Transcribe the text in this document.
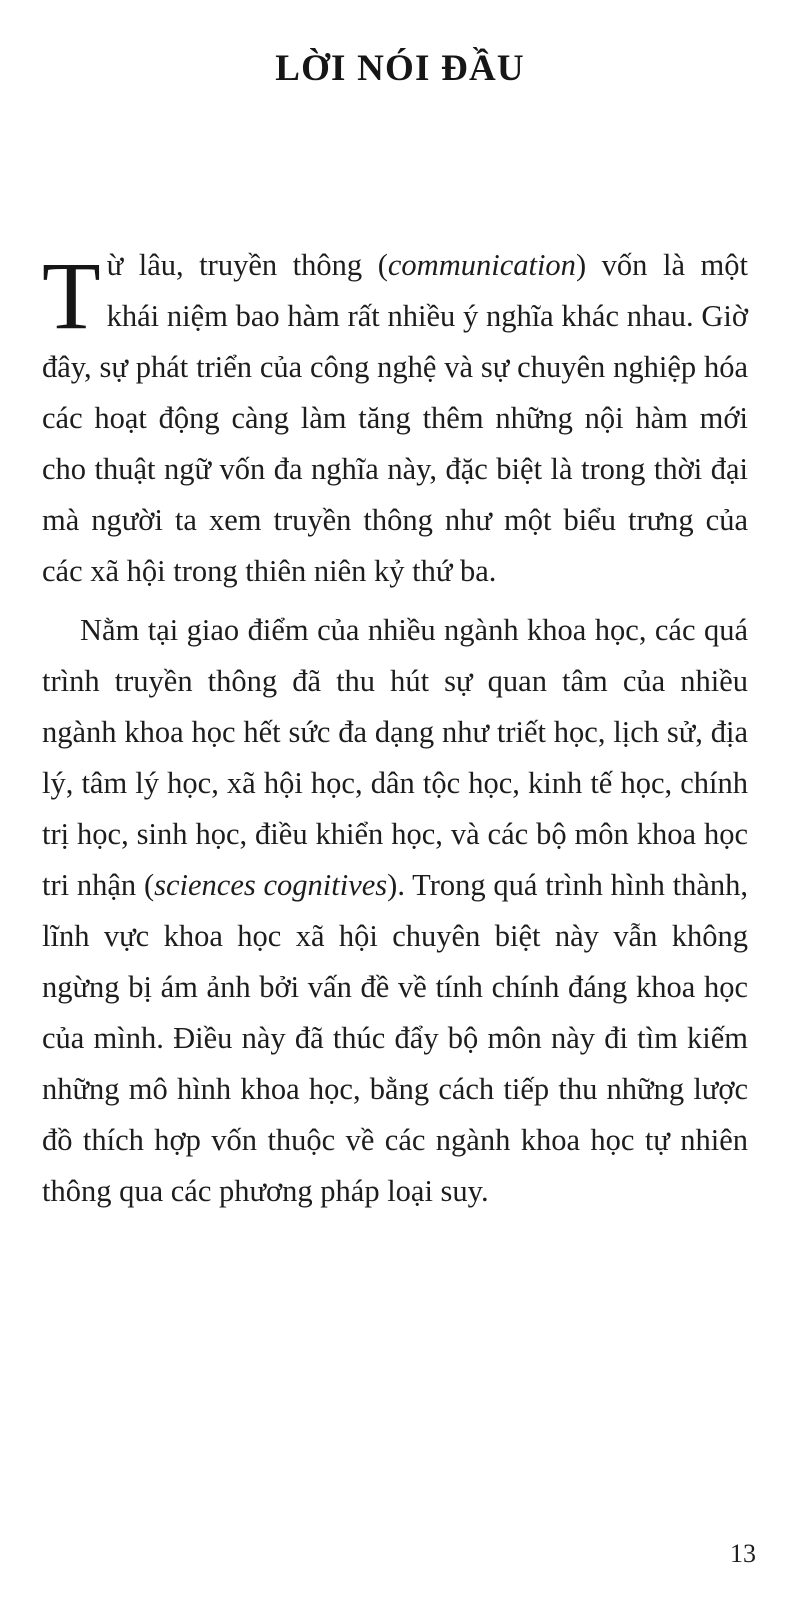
LỜI NÓI ĐẦU

Từ lâu, truyền thông (communication) vốn là một khái niệm bao hàm rất nhiều ý nghĩa khác nhau. Giờ đây, sự phát triển của công nghệ và sự chuyên nghiệp hóa các hoạt động càng làm tăng thêm những nội hàm mới cho thuật ngữ vốn đa nghĩa này, đặc biệt là trong thời đại mà người ta xem truyền thông như một biểu trưng của các xã hội trong thiên niên kỷ thứ ba.

Nằm tại giao điểm của nhiều ngành khoa học, các quá trình truyền thông đã thu hút sự quan tâm của nhiều ngành khoa học hết sức đa dạng như triết học, lịch sử, địa lý, tâm lý học, xã hội học, dân tộc học, kinh tế học, chính trị học, sinh học, điều khiển học, và các bộ môn khoa học tri nhận (sciences cognitives). Trong quá trình hình thành, lĩnh vực khoa học xã hội chuyên biệt này vẫn không ngừng bị ám ảnh bởi vấn đề về tính chính đáng khoa học của mình. Điều này đã thúc đẩy bộ môn này đi tìm kiếm những mô hình khoa học, bằng cách tiếp thu những lược đồ thích hợp vốn thuộc về các ngành khoa học tự nhiên thông qua các phương pháp loại suy.

13
